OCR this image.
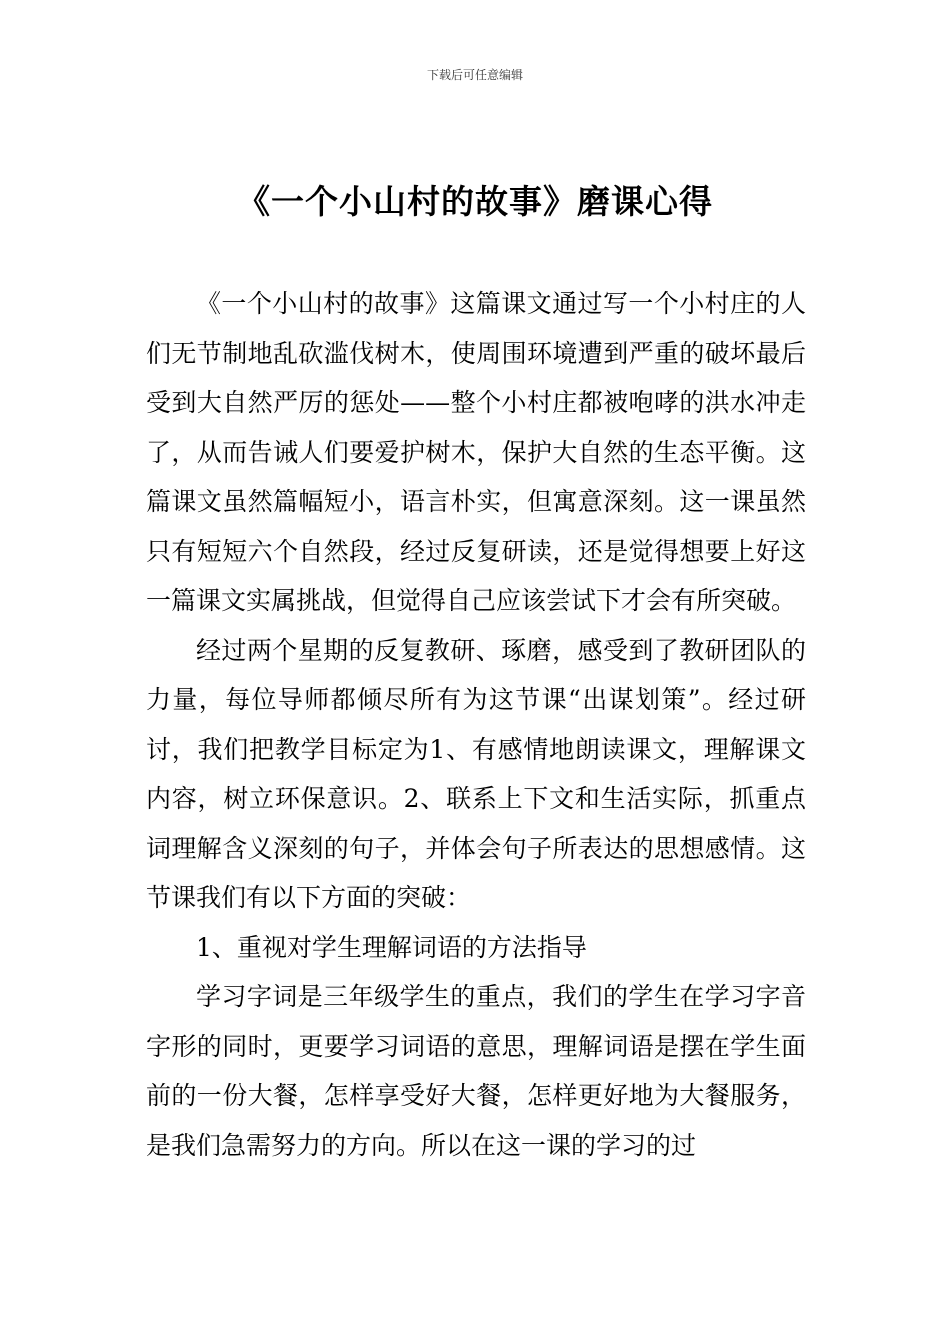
下载后可任意编辑
《一个小山村的故事》磨课心得

《一个小山村的故事》这篇课文通过写一个小村庄的人们无节制地乱砍滥伐树木，使周围环境遭到严重的破坏最后受到大自然严厉的惩处——整个小村庄都被咆哮的洪水冲走了，从而告诫人们要爱护树木，保护大自然的生态平衡。这篇课文虽然篇幅短小，语言朴实，但寓意深刻。这一课虽然只有短短六个自然段，经过反复研读，还是觉得想要上好这一篇课文实属挑战，但觉得自己应该尝试下才会有所突破。

经过两个星期的反复教研、琢磨，感受到了教研团队的力量，每位导师都倾尽所有为这节课“出谋划策”。经过研讨，我们把教学目标定为1、有感情地朗读课文，理解课文内容，树立环保意识。2、联系上下文和生活实际，抓重点词理解含义深刻的句子，并体会句子所表达的思想感情。这节课我们有以下方面的突破：

1、重视对学生理解词语的方法指导

学习字词是三年级学生的重点，我们的学生在学习字音字形的同时，更要学习词语的意思，理解词语是摆在学生面前的一份大餐，怎样享受好大餐，怎样更好地为大餐服务，是我们急需努力的方向。所以在这一课的学习的过
